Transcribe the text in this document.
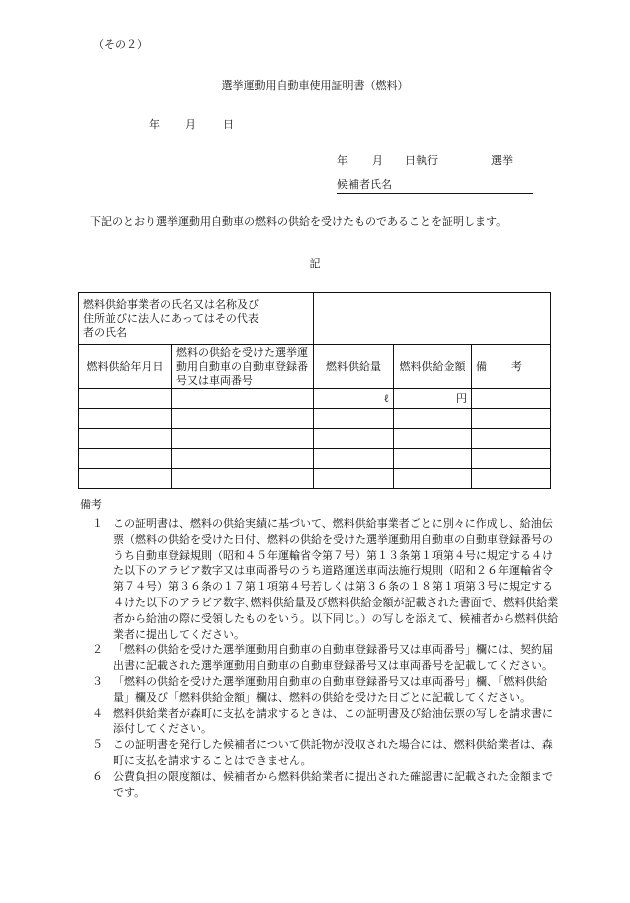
（その２）
選挙運動用自動車使用証明書（燃料）
年 月 日
年 月 日執行	選挙
候補者氏名
下記のとおり選挙運動用自動車の燃料の供給を受けたものであることを証明します。
記
燃料供給事業者の氏名又は名称及び住所並びに法人にあってはその代表者の氏名				
燃料供給年月日	燃料の供給を受けた選挙運動用自動車の自動車登録番号又は車両番号	燃料供給量	燃料供給金額	備考
		ℓ	円	

備考
１ この証明書は、燃料の供給実績に基づいて、燃料供給事業者ごとに別々に作成し、給油伝票（燃料の供給を受けた日付、燃料の供給を受けた選挙運動用自動車の自動車登録番号のうち自動車登録規則（昭和４５年運輸省令第７号）第１３条第１項第４号に規定する４けた以下のアラビア数字又は車両番号のうち道路運送車両法施行規則（昭和２６年運輸省令第７４号）第３６条の１７第１項第４号若しくは第３６条の１８第１項第３号に規定する４けた以下のアラビア数字､燃料供給量及び燃料供給金額が記載された書面で、燃料供給業者から給油の際に受領したものをいう。以下同じ。）の写しを添えて、候補者から燃料供給業者に提出してください。
２ 「燃料の供給を受けた選挙運動用自動車の自動車登録番号又は車両番号」欄には、契約届出書に記載された選挙運動用自動車の自動車登録番号又は車両番号を記載してください。
３ 「燃料の供給を受けた選挙運動用自動車の自動車登録番号又は車両番号」欄、「燃料供給量」欄及び「燃料供給金額」欄は、燃料の供給を受けた日ごとに記載してください。
４ 燃料供給業者が森町に支払を請求するときは、この証明書及び給油伝票の写しを請求書に添付してください。
５ この証明書を発行した候補者について供託物が没収された場合には、燃料供給業者は、森町に支払を請求することはできません。
６ 公費負担の限度額は、候補者から燃料供給業者に提出された確認書に記載された金額までです。
